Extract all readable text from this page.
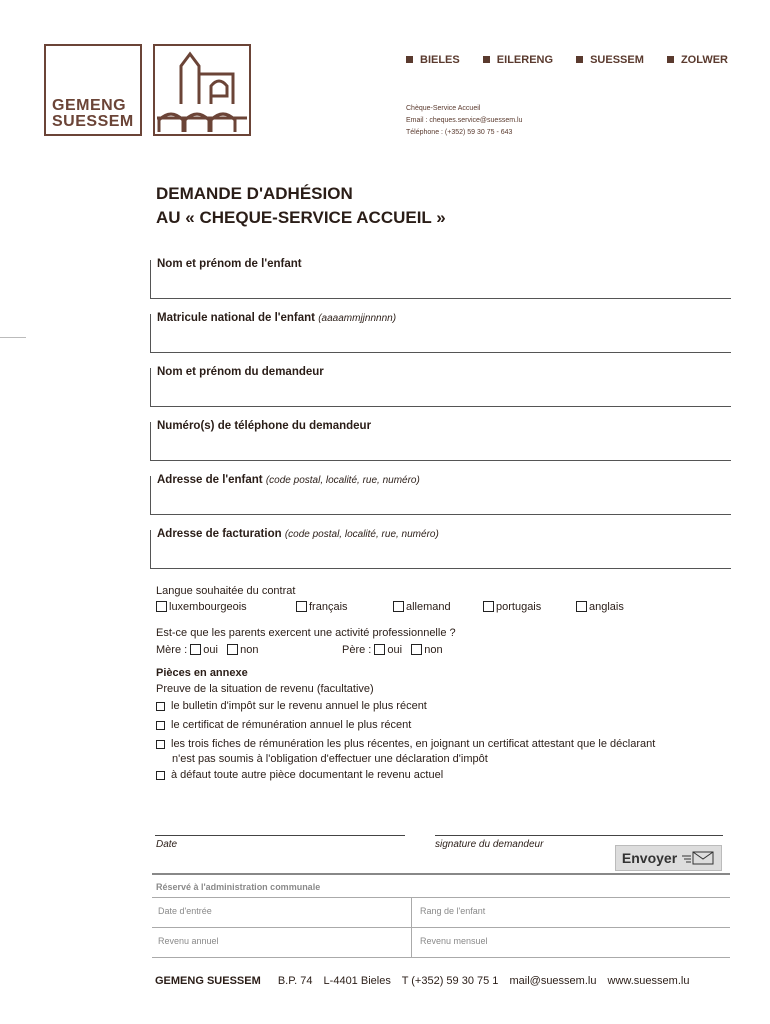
GEMENG
SUESSEM
BIELES	EILERENG	SUESSEM	ZOLWER
Chèque-Service Accueil
Email : cheques.service@suessem.lu
Téléphone : (+352) 59 30 75 - 643
DEMANDE D'ADHÉSION
AU « CHEQUE-SERVICE ACCUEIL »
Nom et prénom de l'enfant
Matricule national de l'enfant (aaaammjjnnnnn)
Nom et prénom du demandeur
Numéro(s) de téléphone du demandeur
Adresse de l'enfant (code postal, localité, rue, numéro)
Adresse de facturation (code postal, localité, rue, numéro)
Langue souhaitée du contrat
luxembourgeois	français	allemand	portugais	anglais
Est-ce que les parents exercent une activité professionnelle ?
Mère : oui non	Père : oui non
Pièces en annexe
Preuve de la situation de revenu (facultative)
le bulletin d'impôt sur le revenu annuel le plus récent
le certificat de rémunération annuel le plus récent
les trois fiches de rémunération les plus récentes, en joignant un certificat attestant que le déclarant
n'est pas soumis à l'obligation d'effectuer une déclaration d'impôt
à défaut toute autre pièce documentant le revenu actuel
Date	signature du demandeur
Envoyer
Réservé à l'administration communale
Date d'entrée	Rang de l'enfant
Revenu annuel	Revenu mensuel
GEMENG SUESSEM B.P. 74 L-4401 Bieles T (+352) 59 30 75 1 mail@suessem.lu www.suessem.lu
